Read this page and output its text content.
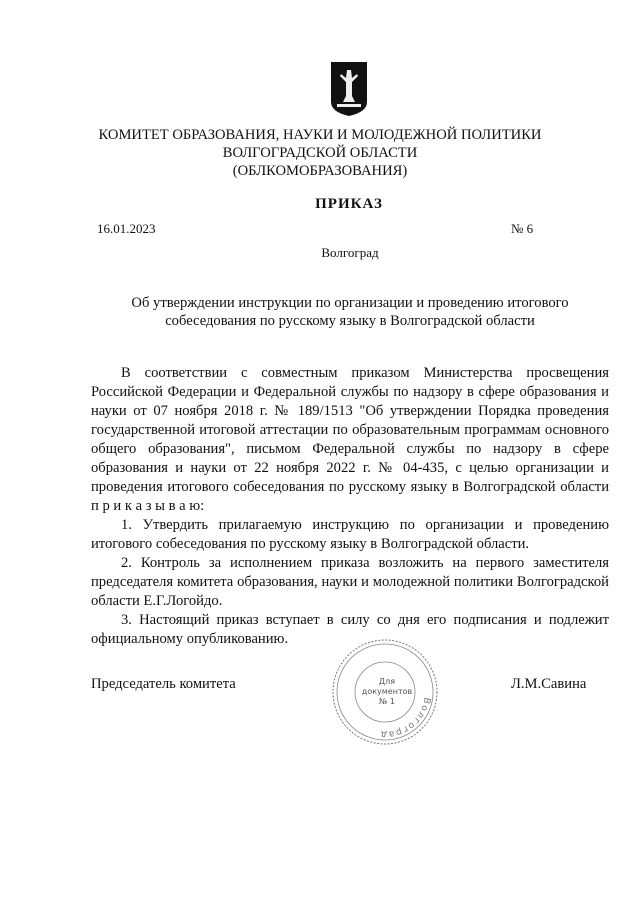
КОМИТЕТ ОБРАЗОВАНИЯ, НАУКИ И МОЛОДЕЖНОЙ ПОЛИТИКИ
ВОЛГОГРАДСКОЙ ОБЛАСТИ
(ОБЛКОМОБРАЗОВАНИЯ)
ПРИКАЗ
16.01.2023	№ 6
Волгоград
Об утверждении инструкции по организации и проведению итогового
собеседования по русскому языку в Волгоградской области

В соответствии с совместным приказом Министерства просвещения Российской Федерации и Федеральной службы по надзору в сфере образования и науки от 07 ноября 2018 г. № 189/1513 "Об утверждении Порядка проведения государственной итоговой аттестации по образовательным программам основного общего образования", письмом Федеральной службы по надзору в сфере образования и науки от 22 ноября 2022 г. № 04-435, с целью организации и проведения итогового собеседования по русскому языку в Волгоградской области п р и к а з ы в а ю:

1. Утвердить прилагаемую инструкцию по организации и проведению итогового собеседования по русскому языку в Волгоградской области.

2. Контроль за исполнением приказа возложить на первого заместителя председателя комитета образования, науки и молодежной политики Волгоградской области Е.Г.Логойдо.

3. Настоящий приказ вступает в силу со дня его подписания и подлежит официальному опубликованию.

Председатель комитета	Л.М.Савина
Волгоград
Для
документов
№ 1
